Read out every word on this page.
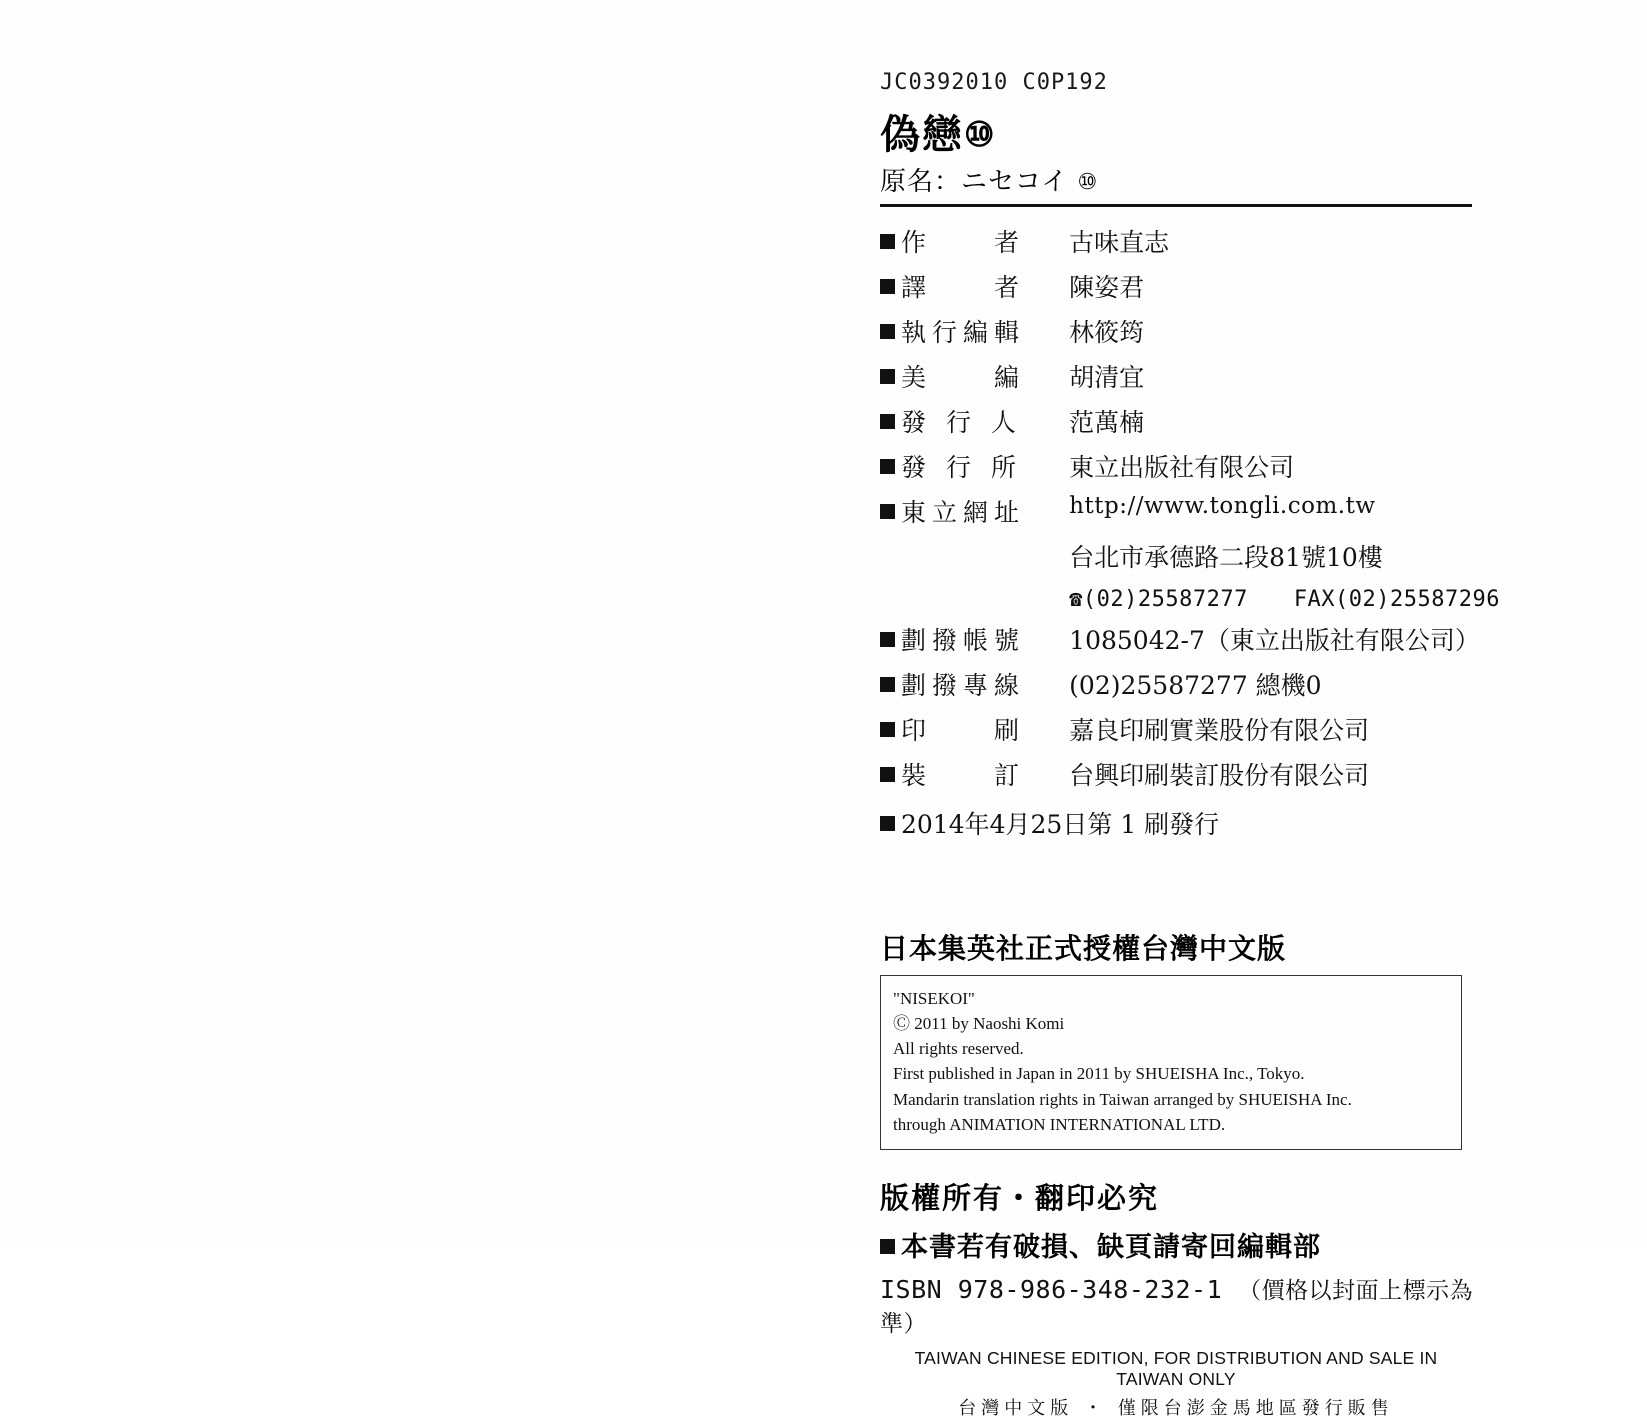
JC0392010 C0P192
偽戀⑩
原名：ニセコイ ⑩
作　　者	古味直志
譯　　者	陳姿君
執行編輯	林筱筠
美　　編	胡清宜
發 行 人	范萬楠
發 行 所	東立出版社有限公司
東立網址	http://www.tongli.com.tw
	台北市承德路二段81號10樓
	☎(02)25587277 FAX(02)25587296
劃撥帳號	1085042-7（東立出版社有限公司）
劃撥專線	(02)25587277 總機0
印　　刷	嘉良印刷實業股份有限公司
裝　　訂	台興印刷裝訂股份有限公司
2014年4月25日第 1 刷發行
日本集英社正式授權台灣中文版
"NISEKOI"
Ⓒ 2011 by Naoshi Komi
All rights reserved.
First published in Japan in 2011 by SHUEISHA Inc., Tokyo.
Mandarin translation rights in Taiwan arranged by SHUEISHA Inc.
through ANIMATION INTERNATIONAL LTD.
版權所有・翻印必究
本書若有破損、缺頁請寄回編輯部
ISBN 978-986-348-232-1 （價格以封面上標示為準）
TAIWAN CHINESE EDITION, FOR DISTRIBUTION AND SALE IN TAIWAN ONLY
台灣中文版 ・ 僅限台澎金馬地區發行販售
